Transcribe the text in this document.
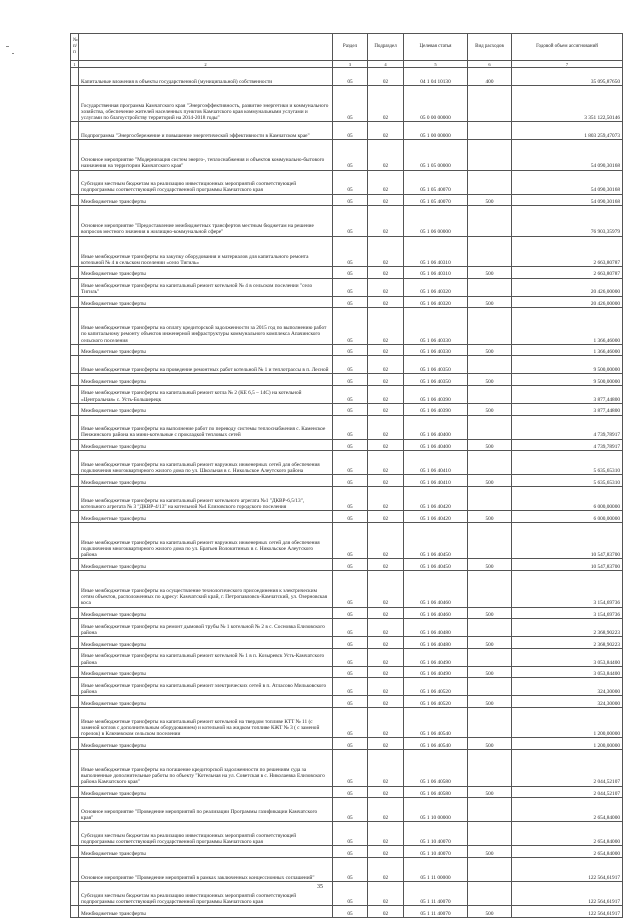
№ п/п		Раздел	Подраздел	Целевая статья	Вид расходов	Годовой объем ассигнований
1	2	3	4	5	6	7
	Капитальные вложения в объекты государственной (муниципальной) собственности	05	02	04 1 04 10130	400	35 095,87650
	Государственная программа Камчатского края "Энергоэффективность, развитие энергетики и коммунального хозяйства, обеспечение жителей населенных пунктов Камчатского края коммунальными услугами и услугами по благоустройству территорий на 2014-2018 годы"	05	02	05 0 00 00000		3 351 122,50146
	Подпрограмма "Энергосбережение и повышение энергетической эффективности в Камчатском крае"	05	02	05 1 00 00000		1 803 259,47073
	Основное мероприятие "Модернизация систем энерго-, теплоснабжения и объектов коммунально-бытового назначения на территории Камчатского края"	05	02	05 1 05 00000		54 090,30168
	Субсидии местным бюджетам на реализацию инвестиционных мероприятий соответствующей подпрограммы соответствующей государственной программы Камчатского края	05	02	05 1 05 40070		54 090,30168
	Межбюджетные трансферты	05	02	05 1 05 40070	500	54 090,30168
	Основное мероприятие "Предоставление межбюджетных трансфертов местным бюджетам на решение вопросов местного значения в жилищно-коммунальной сфере"	05	02	05 1 06 00000		76 903,35979
	Иные межбюджетные трансферты на закупку оборудования и материалов для капитального ремонта котельной № 4 в сельском поселении «село Тигиль»	05	02	05 1 06 40310		2 663,80787
	Межбюджетные трансферты	05	02	05 1 06 40310	500	2 663,80787
	Иные межбюджетные трансферты на капитальный ремонт котельной № 4 в сельском поселении "село Тигиль"	05	02	05 1 06 40320		20 426,00000
	Межбюджетные трансферты	05	02	05 1 06 40320	500	20 426,00000
	Иные межбюджетные трансферты на оплату кредиторской задолженности за 2015 год по выполнению работ по капитальному ремонту объектов инженерной инфраструктуры коммунального комплекса Апачинского сельского поселения	05	02	05 1 06 40330		1 366,46000
	Межбюджетные трансферты	05	02	05 1 06 40330	500	1 366,46000
	Иные межбюджетные трансферты на проведение ремонтных работ котельной № 1 и теплотрассы в п. Лесной	05	02	05 1 06 40350		9 500,00000
	Межбюджетные трансферты	05	02	05 1 06 40350	500	9 500,00000
	Иные межбюджетные трансферты на капитальный ремонт котла № 2 (КЕ 6,5 – 14С) на котельной «Центральная» с. Усть-Большерецк	05	02	05 1 06 40390		3 877,44800
	Межбюджетные трансферты	05	02	05 1 06 40390	500	3 877,44800
	Иные межбюджетные трансферты на выполнение работ по переводу системы теплоснабжения с. Каменское Пенжинского района на мини-котельные с прокладкой тепловых сетей	05	02	05 1 06 40400		4 739,78917
	Межбюджетные трансферты	05	02	05 1 06 40400	500	4 739,78917
	Иные межбюджетные трансферты на капитальный ремонт наружных инженерных сетей для обеспечения подключения многоквартирного жилого дома по ул. Школьная в с. Никольское Алеутского района	05	02	05 1 06 40410		5 635,65310
	Межбюджетные трансферты	05	02	05 1 06 40410	500	5 635,65310
	Иные межбюджетные трансферты на капитальный ремонт котельного агрегата №1 "ДКВР-6,5/13", котельного агрегата № 3 "ДКВР-4/13" на котельной №4 Елизовского городского поселения	05	02	05 1 06 40420		6 000,00000
	Межбюджетные трансферты	05	02	05 1 06 40420	500	6 000,00000
	Иные межбюджетные трансферты на капитальный ремонт наружных инженерных сетей для обеспечения подключения многоквартирного жилого дома по ул. Братьев Волокитиных в с. Никольское Алеутского района	05	02	05 1 06 40450		10 547,83700
	Межбюджетные трансферты	05	02	05 1 06 40450	500	10 547,83700
	Иные межбюджетные трансферты на осуществление технологического присоединения к электрическим сетям объектов, расположенных по адресу: Камчатский край, г. Петропавловск-Камчатский, ул. Озерновская коса	05	02	05 1 06 40460		3 154,69736
	Межбюджетные трансферты	05	02	05 1 06 40460	500	3 154,69736
	Иные межбюджетные трансферты на ремонт дымовой трубы № 1 котельной № 2 в с. Сосновка Елизовского района	05	02	05 1 06 40480		2 368,90223
	Межбюджетные трансферты	05	02	05 1 06 40480	500	2 368,90223
	Иные межбюджетные трансферты на капитальный ремонт котельной № 1 в п. Козыревск Усть-Камчатского района	05	02	05 1 06 40490		3 053,84400
	Межбюджетные трансферты	05	02	05 1 06 40490	500	3 053,84400
	Иные межбюджетные трансферты на капитальный ремонт электрических сетей в п. Атласово Мильковского района	05	02	05 1 06 40520		324,30000
	Межбюджетные трансферты	05	02	05 1 06 40520	500	324,30000
	Иные межбюджетные трансферты на капитальный ремонт котельной на твердом топливе КТТ № 11 (с заменой котлов с дополнительным оборудованием) и котельной на жидком топливе КЖТ № 3 ( с заменой горелок) в Ключевском сельском поселении	05	02	05 1 06 40540		1 200,00000
	Межбюджетные трансферты	05	02	05 1 06 40540	500	1 200,00000
	Иные межбюджетные трансферты на погашение кредиторской задолженности по решениям суда за выполненные дополнительные работы по объекту "Котельная на ул. Советская в с. Николаевка Елизовского района Камчатского края"	05	02	05 1 06 40580		2 044,52107
	Межбюджетные трансферты	05	02	05 1 06 40580	500	2 044,52107
	Основное мероприятие "Проведение мероприятий по реализации Программы газификации Камчатского края"	05	02	05 1 10 00000		2 654,84000
	Субсидии местным бюджетам на реализацию инвестиционных мероприятий соответствующей подпрограммы соответствующей государственной программы Камчатского края	05	02	05 1 10 40070		2 654,84000
	Межбюджетные трансферты	05	02	05 1 10 40070	500	2 654,84000
	Основное мероприятие "Проведение мероприятий в рамках заключенных концессионных соглашений"	05	02	05 1 11 00000		122 564,61917
	Субсидии местным бюджетам на реализацию инвестиционных мероприятий соответствующей подпрограммы соответствующей государственной программы Камчатского края	05	02	05 1 11 40070		122 564,61917
	Межбюджетные трансферты	05	02	05 1 11 40070	500	122 564,61917
35
